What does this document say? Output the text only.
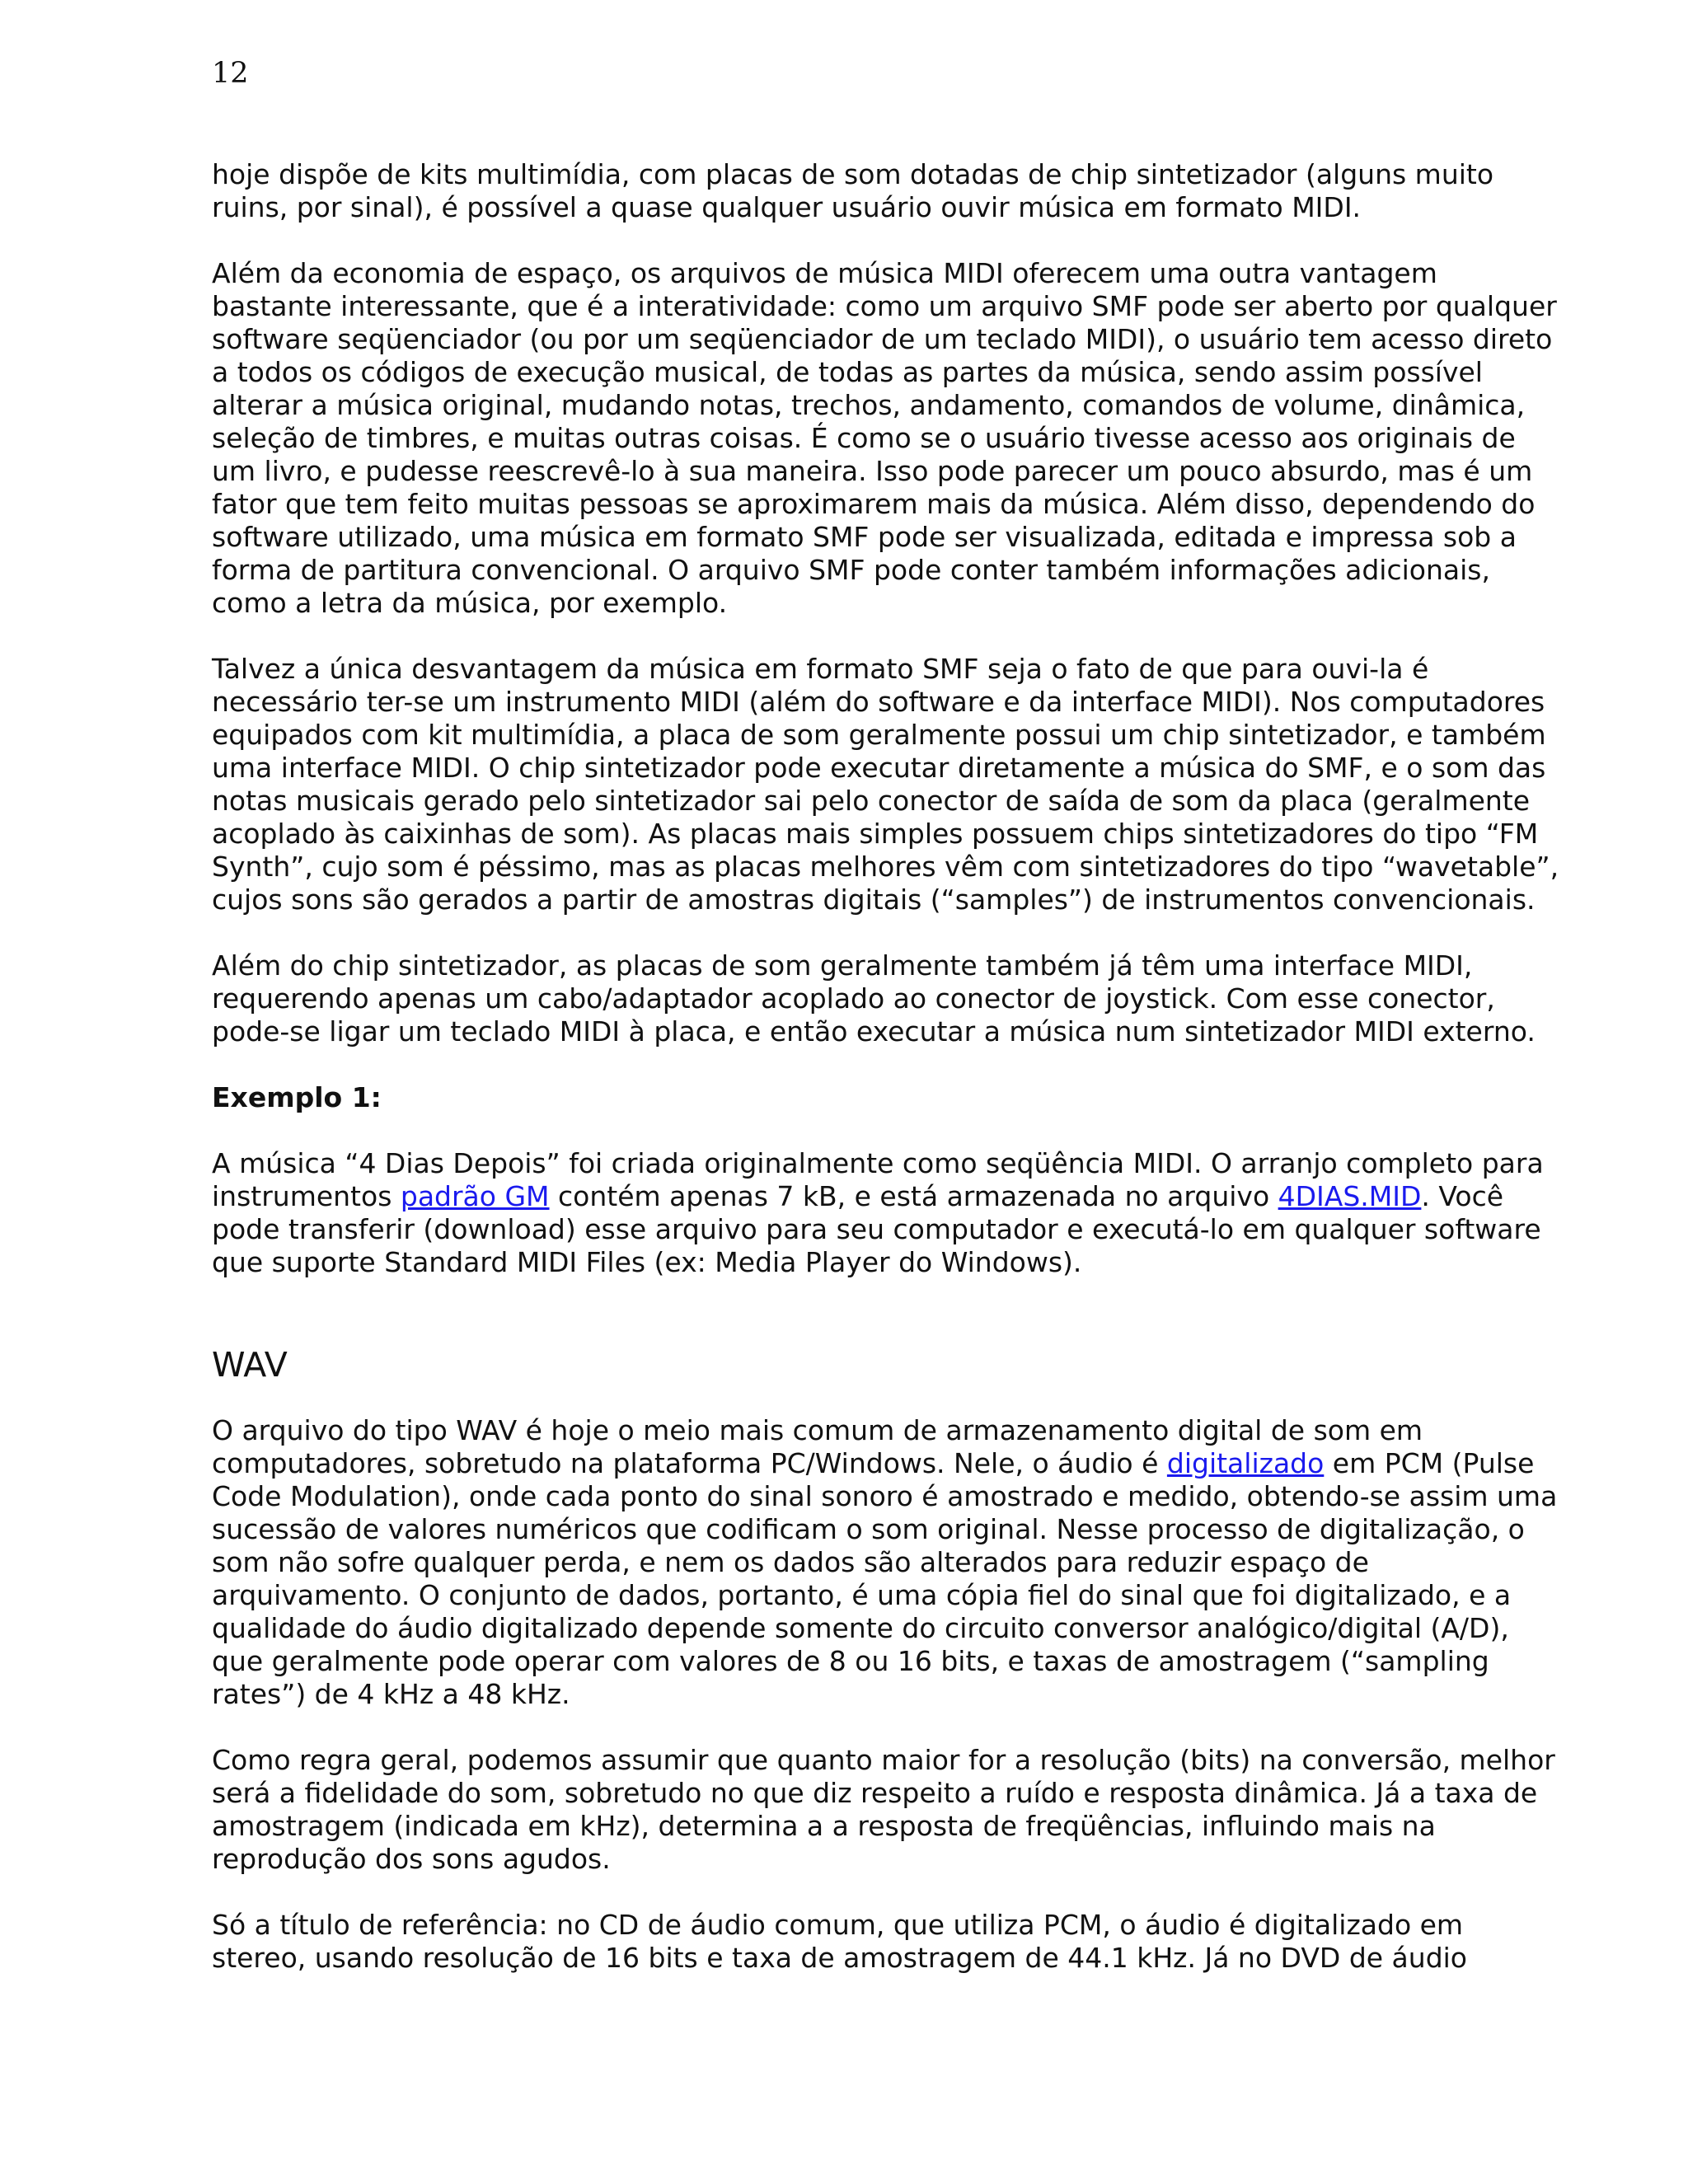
12

hoje dispõe de kits multimídia, com placas de som dotadas de chip sintetizador (alguns muito ruins, por sinal), é possível a quase qualquer usuário ouvir música em formato MIDI.

Além da economia de espaço, os arquivos de música MIDI oferecem uma outra vantagem bastante interessante, que é a interatividade: como um arquivo SMF pode ser aberto por qualquer software seqüenciador (ou por um seqüenciador de um teclado MIDI), o usuário tem acesso direto a todos os códigos de execução musical, de todas as partes da música, sendo assim possível alterar a música original, mudando notas, trechos, andamento, comandos de volume, dinâmica, seleção de timbres, e muitas outras coisas. É como se o usuário tivesse acesso aos originais de um livro, e pudesse reescrevê-lo à sua maneira. Isso pode parecer um pouco absurdo, mas é um fator que tem feito muitas pessoas se aproximarem mais da música. Além disso, dependendo do software utilizado, uma música em formato SMF pode ser visualizada, editada e impressa sob a forma de partitura convencional. O arquivo SMF pode conter também informações adicionais, como a letra da música, por exemplo.

Talvez a única desvantagem da música em formato SMF seja o fato de que para ouvi-la é necessário ter-se um instrumento MIDI (além do software e da interface MIDI). Nos computadores equipados com kit multimídia, a placa de som geralmente possui um chip sintetizador, e também uma interface MIDI. O chip sintetizador pode executar diretamente a música do SMF, e o som das notas musicais gerado pelo sintetizador sai pelo conector de saída de som da placa (geralmente acoplado às caixinhas de som). As placas mais simples possuem chips sintetizadores do tipo “FM Synth”, cujo som é péssimo, mas as placas melhores vêm com sintetizadores do tipo “wavetable”, cujos sons são gerados a partir de amostras digitais (“samples”) de instrumentos convencionais.

Além do chip sintetizador, as placas de som geralmente também já têm uma interface MIDI, requerendo apenas um cabo/adaptador acoplado ao conector de joystick. Com esse conector, pode-se ligar um teclado MIDI à placa, e então executar a música num sintetizador MIDI externo.

Exemplo 1:

A música “4 Dias Depois” foi criada originalmente como seqüência MIDI. O arranjo completo para instrumentos padrão GM contém apenas 7 kB, e está armazenada no arquivo 4DIAS.MID. Você pode transferir (download) esse arquivo para seu computador e executá-lo em qualquer software que suporte Standard MIDI Files (ex: Media Player do Windows).

WAV

O arquivo do tipo WAV é hoje o meio mais comum de armazenamento digital de som em computadores, sobretudo na plataforma PC/Windows. Nele, o áudio é digitalizado em PCM (Pulse Code Modulation), onde cada ponto do sinal sonoro é amostrado e medido, obtendo-se assim uma sucessão de valores numéricos que codificam o som original. Nesse processo de digitalização, o som não sofre qualquer perda, e nem os dados são alterados para reduzir espaço de arquivamento. O conjunto de dados, portanto, é uma cópia fiel do sinal que foi digitalizado, e a qualidade do áudio digitalizado depende somente do circuito conversor analógico/digital (A/D), que geralmente pode operar com valores de 8 ou 16 bits, e taxas de amostragem (“sampling rates”) de 4 kHz a 48 kHz.

Como regra geral, podemos assumir que quanto maior for a resolução (bits) na conversão, melhor será a fidelidade do som, sobretudo no que diz respeito a ruído e resposta dinâmica. Já a taxa de amostragem (indicada em kHz), determina a a resposta de freqüências, influindo mais na reprodução dos sons agudos.

Só a título de referência: no CD de áudio comum, que utiliza PCM, o áudio é digitalizado em stereo, usando resolução de 16 bits e taxa de amostragem de 44.1 kHz. Já no DVD de áudio
